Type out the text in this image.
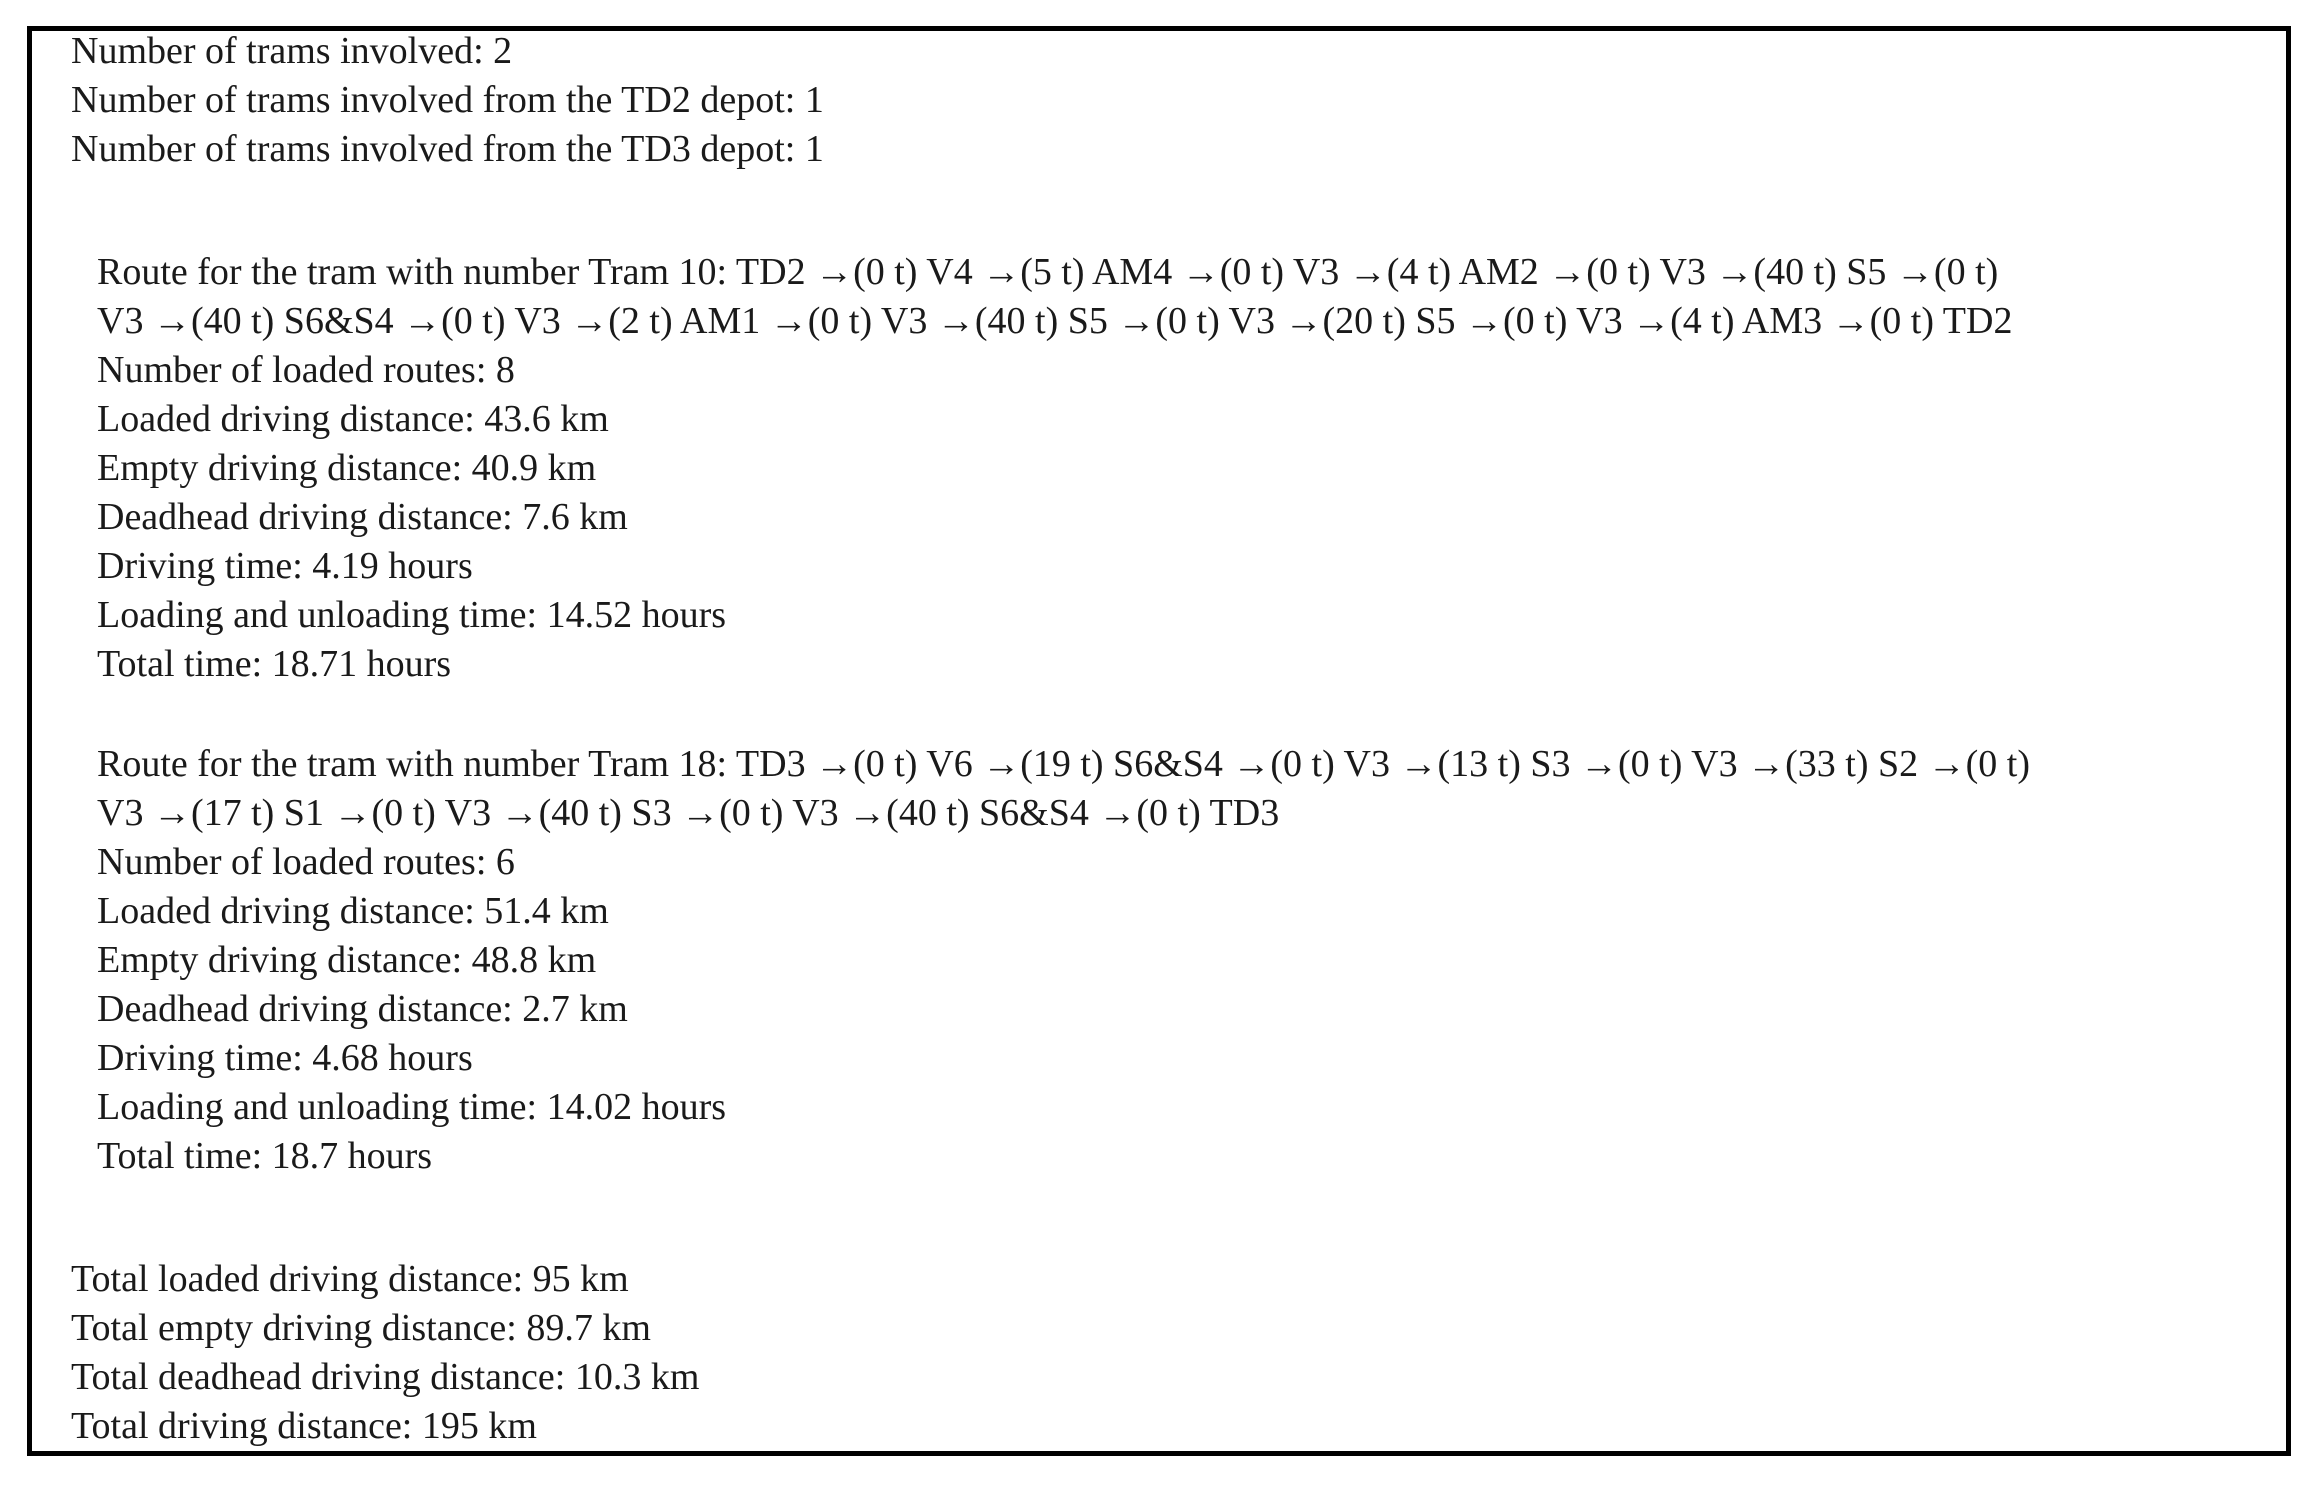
Number of trams involved: 2
Number of trams involved from the TD2 depot: 1
Number of trams involved from the TD3 depot: 1
Route for the tram with number Tram 10: TD2 →(0 t) V4 →(5 t) AM4 →(0 t) V3 →(4 t) AM2 →(0 t) V3 →(40 t) S5 →(0 t)
V3 →(40 t) S6&S4 →(0 t) V3 →(2 t) AM1 →(0 t) V3 →(40 t) S5 →(0 t) V3 →(20 t) S5 →(0 t) V3 →(4 t) AM3 →(0 t) TD2
Number of loaded routes: 8
Loaded driving distance: 43.6 km
Empty driving distance: 40.9 km
Deadhead driving distance: 7.6 km
Driving time: 4.19 hours
Loading and unloading time: 14.52 hours
Total time: 18.71 hours
Route for the tram with number Tram 18: TD3 →(0 t) V6 →(19 t) S6&S4 →(0 t) V3 →(13 t) S3 →(0 t) V3 →(33 t) S2 →(0 t)
V3 →(17 t) S1 →(0 t) V3 →(40 t) S3 →(0 t) V3 →(40 t) S6&S4 →(0 t) TD3
Number of loaded routes: 6
Loaded driving distance: 51.4 km
Empty driving distance: 48.8 km
Deadhead driving distance: 2.7 km
Driving time: 4.68 hours
Loading and unloading time: 14.02 hours
Total time: 18.7 hours
Total loaded driving distance: 95 km
Total empty driving distance: 89.7 km
Total deadhead driving distance: 10.3 km
Total driving distance: 195 km
